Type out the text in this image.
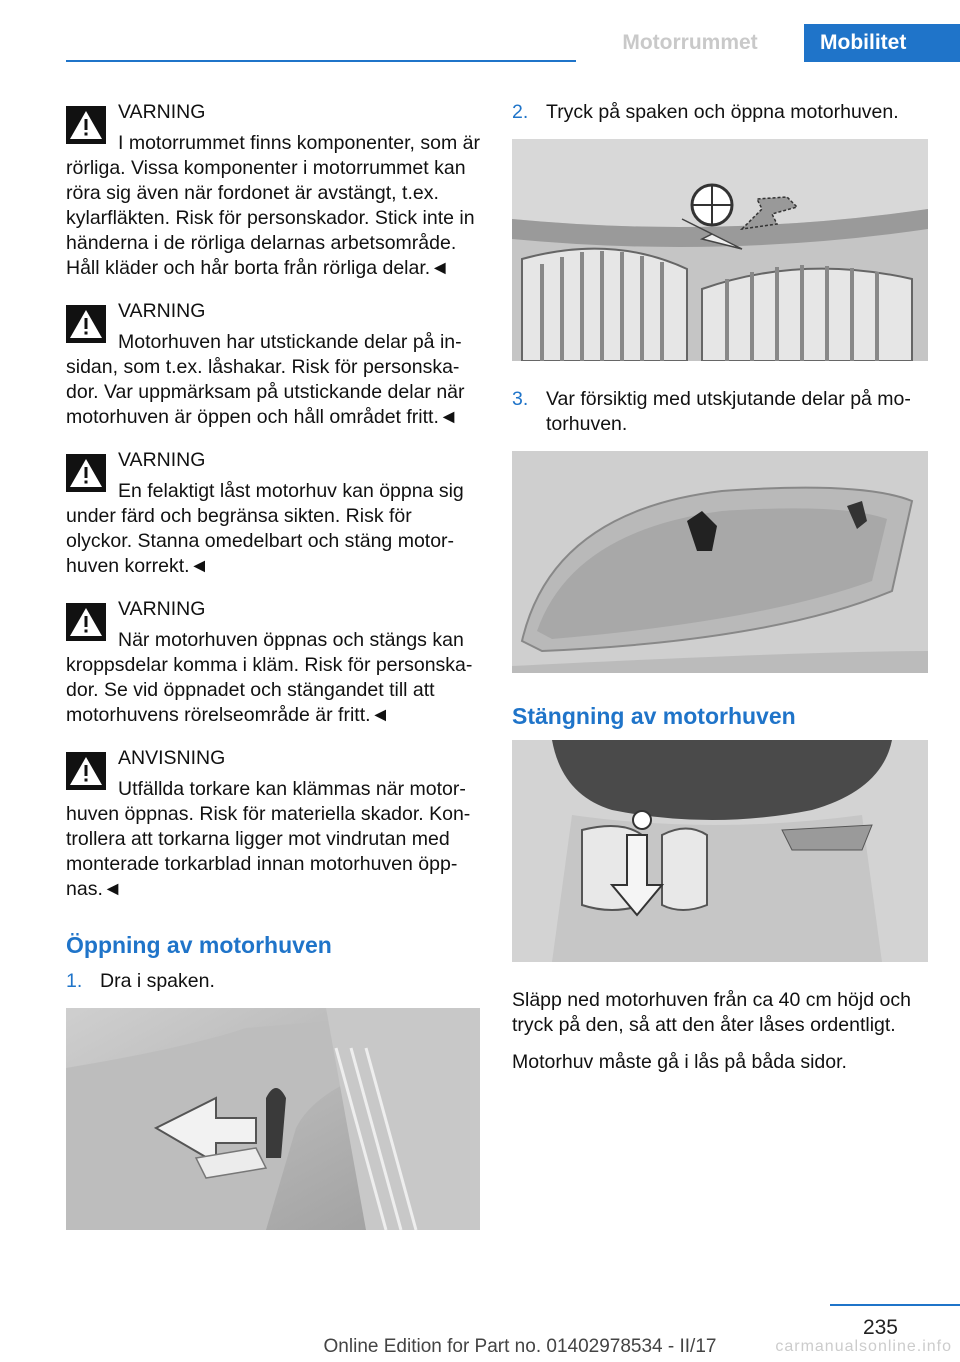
Motorrummet	Mobilitet
VARNING

I motorrummet finns komponenter, som är rörliga. Vissa komponenter i motorrummet kan röra sig även när fordonet är avstängt, t.ex. kylarfläkten. Risk för personskador. Stick inte in händerna i de rörliga delarnas arbetsområde. Håll kläder och hår borta från rörliga delar.◄

VARNING

Motorhuven har utstickande delar på in- sidan, som t.ex. låshakar. Risk för personska- dor. Var uppmärksam på utstickande delar när motorhuven är öppen och håll området fritt.◄

VARNING

En felaktigt låst motorhuv kan öppna sig under färd och begränsa sikten. Risk för olyckor. Stanna omedelbart och stäng motor- huven korrekt.◄

VARNING

När motorhuven öppnas och stängs kan kroppsdelar komma i kläm. Risk för personska- dor. Se vid öppnadet och stängandet till att motorhuvens rörelseområde är fritt.◄

ANVISNING

Utfällda torkare kan klämmas när motor- huven öppnas. Risk för materiella skador. Kon- trollera att torkarna ligger mot vindrutan med monterade torkarblad innan motorhuven öpp- nas.◄

Öppning av motorhuven
1. Dra i spaken.
2. Tryck på spaken och öppna motorhuven.
3. Var försiktig med utskjutande delar på mo- torhuven.
Stängning av motorhuven

Släpp ned motorhuven från ca 40 cm höjd och tryck på den, så att den åter låses ordentligt.

Motorhuv måste gå i lås på båda sidor.

235
Online Edition for Part no. 01402978534 - II/17	carmanualsonline.info
